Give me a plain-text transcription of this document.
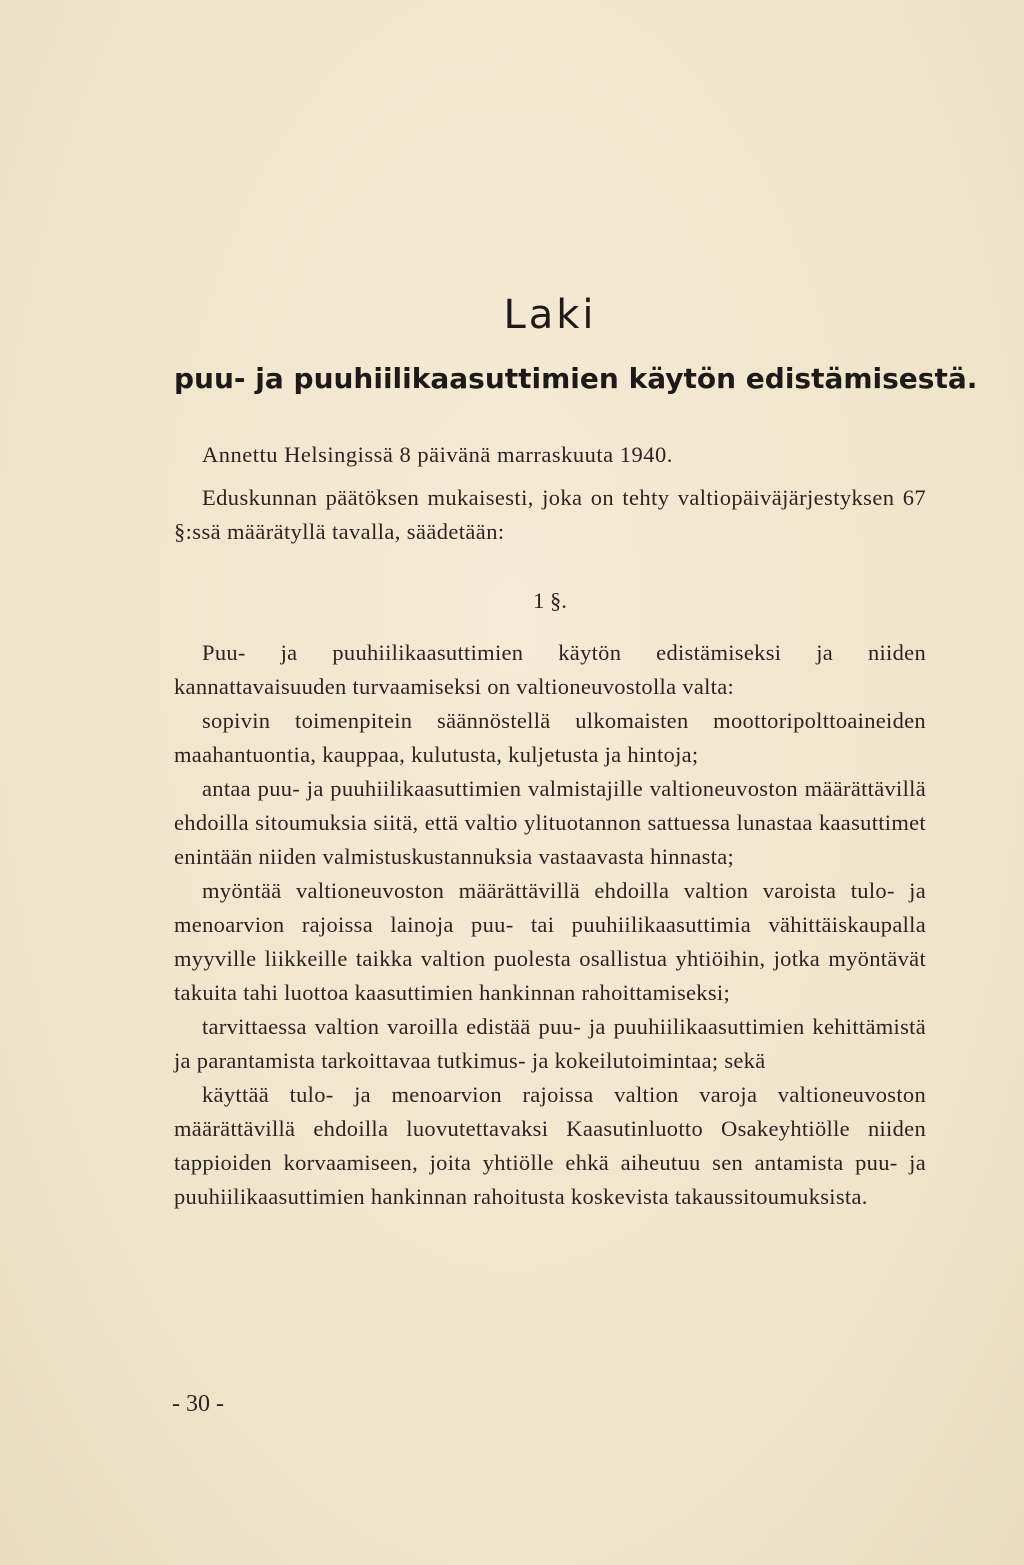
Laki
puu- ja puuhiilikaasuttimien käytön edistämisestä.
Annettu Helsingissä 8 päivänä marraskuuta 1940.
Eduskunnan päätöksen mukaisesti, joka on tehty valtiopäiväjärjestyksen 67 §:ssä määrätyllä tavalla, säädetään:
1 §.

Puu- ja puuhiilikaasuttimien käytön edistämiseksi ja niiden kannattavaisuuden turvaamiseksi on valtioneuvostolla valta:

sopivin toimenpitein säännöstellä ulkomaisten moottoripolttoaineiden maahantuontia, kauppaa, kulutusta, kuljetusta ja hintoja;

antaa puu- ja puuhiilikaasuttimien valmistajille valtioneuvoston määrättävillä ehdoilla sitoumuksia siitä, että valtio ylituotannon sattuessa lunastaa kaasuttimet enintään niiden valmistuskustannuksia vastaavasta hinnasta;

myöntää valtioneuvoston määrättävillä ehdoilla valtion varoista tulo- ja menoarvion rajoissa lainoja puu- tai puuhiilikaasuttimia vähittäiskaupalla myyville liikkeille taikka valtion puolesta osallistua yhtiöihin, jotka myöntävät takuita tahi luottoa kaasuttimien hankinnan rahoittamiseksi;

tarvittaessa valtion varoilla edistää puu- ja puuhiilikaasuttimien kehittämistä ja parantamista tarkoittavaa tutkimus- ja kokeilutoimintaa; sekä

käyttää tulo- ja menoarvion rajoissa valtion varoja valtioneuvoston määrättävillä ehdoilla luovutettavaksi Kaasutinluotto Osakeyhtiölle niiden tappioiden korvaamiseen, joita yhtiölle ehkä aiheutuu sen antamista puu- ja puuhiilikaasuttimien hankinnan rahoitusta koskevista takaussitoumuksista.

- 30 -
